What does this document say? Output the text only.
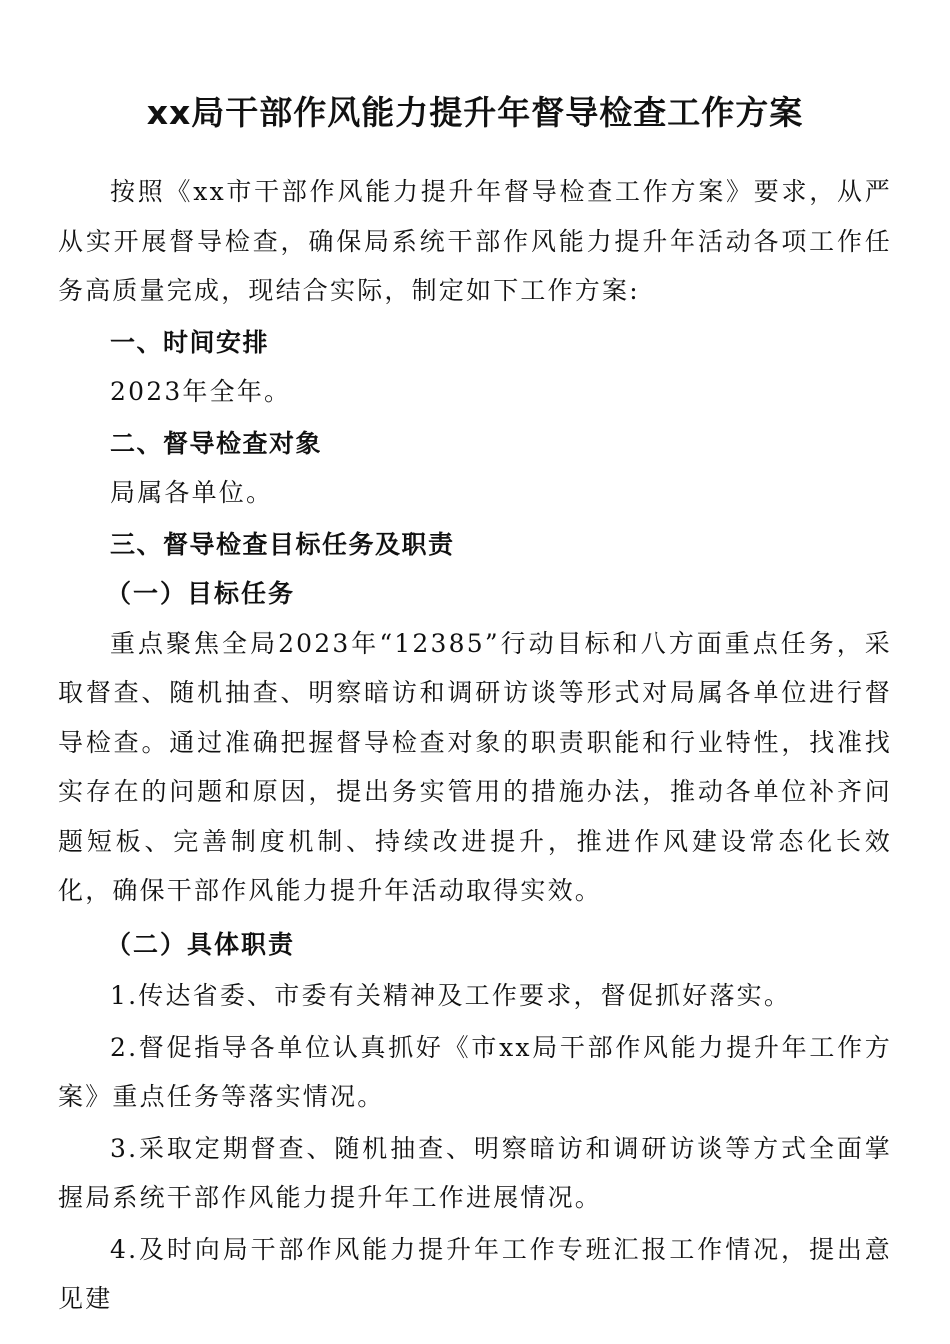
xx局干部作风能力提升年督导检查工作方案

按照《xx市干部作风能力提升年督导检查工作方案》要求，从严从实开展督导检查，确保局系统干部作风能力提升年活动各项工作任务高质量完成，现结合实际，制定如下工作方案:

一、时间安排

2023年全年。

二、督导检查对象

局属各单位。

三、督导检查目标任务及职责

（一）目标任务

重点聚焦全局2023年“12385”行动目标和八方面重点任务，采取督查、随机抽查、明察暗访和调研访谈等形式对局属各单位进行督导检查。通过准确把握督导检查对象的职责职能和行业特性，找准找实存在的问题和原因，提出务实管用的措施办法，推动各单位补齐问题短板、完善制度机制、持续改进提升，推进作风建设常态化长效化，确保干部作风能力提升年活动取得实效。

（二）具体职责

1.传达省委、市委有关精神及工作要求，督促抓好落实。

2.督促指导各单位认真抓好《市xx局干部作风能力提升年工作方案》重点任务等落实情况。

3.采取定期督查、随机抽查、明察暗访和调研访谈等方式全面掌握局系统干部作风能力提升年工作进展情况。

4.及时向局干部作风能力提升年工作专班汇报工作情况，提出意见建
